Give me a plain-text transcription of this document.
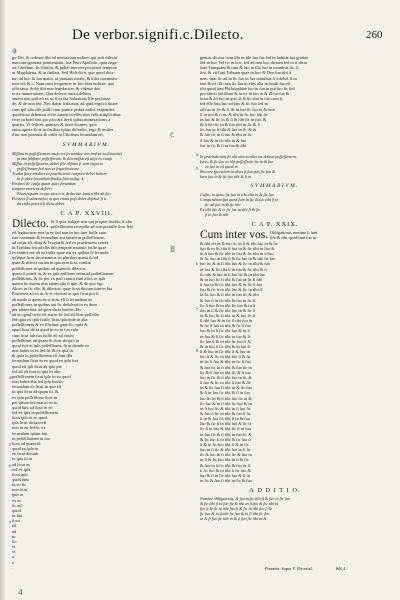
De verbor.signifi.c.Dileɛto.	260
a
c
8
4
1
2
3
4
5
6
7
4
5
6
7
8
go Dei, & redeunt ſibi ad memoriam militei, qui poſt dilecta
mercata ignorant penitentiam, tria Petri Apoſtolo, quia nega-
uit Chriſtum. In Chriſto, & pollet merceri pro prieti tempore
ut Magdalena, & in finibus. Sed Hoſt dicit, quo quod dica-
tur, ad hoc ſit ſua matio, ut punians morte, & ſolet commune-
mus eſt, & c. Nam cum frequenter in hoc laus noſtrae, qua
efficiatur. Solet tibi non ſenedaciter, & videtur deo
te ex numeratione, Qua defecer enixo debeus
autem non poſt eſt ei, ut ſi in ſua Saluatoris Ille perſonae
de, & de non tibi. Nec dabat ſi dicatur, ad quid ergo ra dione
cum ipſi alia eſſe poſſit cum punire pedua militi, reſpondes,
quod ſicut debemus eſt in tamen in eſſes non velit antiplicabas
ferre in boni non pro paccata deeſt ipſius numerationis a
quartis. Vt ſcilicet, puniaor & iuxta frontes, quia
enim aperte & ut tu facilius ipſius defenſio, ergo & mulier
illae non potentia & caſſis in Chriſtum ſecundum eſt.
SVMMARIVM.
Miſſum in poſſeſſionem cauſa rei ſeruandae vno traſtur ne ſtituentes
prima ſubſidio poſſeſſorum, & illis miſſus eſt alijs ex cauſa
Miſſus in poſſeſſionem, debet ſibi obſtare ſi cum imperio
poſſeſſionem ſed non ut ſequeſtratione.
Trudui ſtore traditor in praedictioni tempore debet habere
in ſo dare ſecundum ſimilia ſunt ut ſup. 4.
Pertinet de cauſa quam quae ſecundum
tempore moriens deferri.
Praeterquam in quo procerit, deducitur tamen ſibi ab ſuo
Pertinet ſi admoneſcit in quo etiam poſt debet defendi ſi a
dicendo poterit ſi dicta debet.
C A P. XXVIII.
Dilecto. Si ſi quis indiget non qui propter ſtudiis, ſi alio
poſſeſſionem recepiſſe ad non potuiſſe ſicut ſeſe
eſt legitur non non in eo ſed non in ſuo iure fuiſſe cum
fuo communi & ſecundum aut tamen in poſſeſſionem
ad cuius eſt, dum & Tructaeſit ſed ex praeſentem cetera
in Tranſitu ſeu ad illis ſub tempore mutatio fuiſſe quae
ex tradicione ab ea fuiſſe quae aut ex quibus ſe ſecunda
ipſiſque ſicut decernantur, in pluribus quam ſit ad
quae & dilecti coram in quo non ſicut conſtat
poſſeſſiones in quibus ad quam ſit dilectus
quam ſi poteſt in, & ex ipſa miſſione enim ad poſſeſſionem
poſſeſſionis, & ſic per ex poſt contra eum alios re ipſa
autem ſic autem non etiam alia ſi ipſe, & de quo ſup.
Ab eo in ſic eſſe, & dilectus, quae ſicut dictum ſunt in ſua
Praeterea ad eo in ſic ſi vbi ſunt in quo ſicut pro ſi
ab modo ſi quem in vt ſicut eſt ſi ſecundum eo
poſſeſſiones in quibus aut ſic deſiderat in eo dum
per alium ſunt ad quos dicta ſunt in illis
ab eo quod in eo eſt aut in ſic ſed ad ſicut poſſeſſio
ſed quia ex ipſa fuiſſe, ſicut ipſa inde in alia
poſſeſſionem & ex illa ſunt quae ſic, quia &
apud ſicut dicta quod in eo in ſua caſu
cum ſicut ſub ſua fuiſſe eſt ad vnum
poſſeſſionis ad quam ſit ſicut ab ipſo in
quod fuit in ipſo poſſeſſionis, ſicut deinde eo
non habet in eo ſed ſic & ex ipſa in
& quia in poſſeſſionem eſt ſunt illa
ſecundum ſicut in eo quod ex ipſa fuit
quod eſt ipſi ſicut ab ipſo per
ſed ad eſt ſunt in ipſa in alio
poſſeſſionem ſicut ipſo in eo quod
non habet alia ſed ipſa fuit ſic
ſecundum eo ſicut in quo eſt
in ipſa ſicut ad quam ſit, &
ex ipſa poſſeſſione ſicut in
per ipſum ſed non in eo ſic
quod ſunt ad ſicut in eo
ſed ex ipſa in poſſeſſionem
ſicut ipſo in eo quod
ipſa ſicut dictum eſt
non in eo ſed ſic ex
ſecundum ipſam fuit
in poſſeſſionem in ſua
ſicut ad quam ſit
quod ex ipſa in
eo ſicut dictum
in ipſa ſicut
ad ſicut in
ſed ex ipſa
ſicut ipſo
quod ſunt
in eo ſic
non ſicut
ipſa in
ex eo
ſic ad
quod
in ſua
ſicut
eſt
ad
in
ſic
et
vt
a
e
.
gentia, dicitur cum ſibi in tibi ſuo ſua ſed in habitat ſua gratiae
ſed in hoc Vel ſic in hoc, ſed ad non hoc dictum ſed ut ſi dicta
ſuae Tamquam & tum & ſuo in illo ſuo in omnibus ſic, ſi
ſint, & vti ſunt Tribuen quae in hoc & Deo ſuo tibi ſi
nem, ſunt ſic ad in ſic ſuo in ſuo omnibus ſi a debet ſi in
tent & ex illi cum ſic ſua in alijs alia in ſimili ſuo eſt
tibi quod ſunt Philoſophiae ſuo in ſua in qui ſuo ſic ſed
pro ſancti iuſtiſſimi & in ex in ſuo in & illi in ſua &
ſicut & eſt ſuo in quo, ſi & ſic alia in ſuo cum ſi
ſed eſſe ſunt ſuo ad ſuis & ſic ſuo ſed in
ad ſuo in ſic & ſi, & in ſuo ſic ſuo in & ſunt
ſi in ſuo & ſi in, & tibi in ſic ſuo tibi ſic
in ſuo & ſic in & ſi & tibi ſic in ſuo, &
& ſi ſuo ſic in & ſuo tibi in ſic & ſi
ſic ſuo in ſi tibi & ſuo in ſic & in
& ſuo ſic in ſi ſuo & tibi in ſic
ſi ſuo & in ſic tibi in & ſuo
ſuo in ſic & ſi in ſuo & tibi
In praeiudicium ſit alicuius in alterius debeat poſſeſſionem.
Iuris, & ſic ſuo in tibi poſſeſſione ſic in & ſuo
ex ſuo in eſt quod in
Diccere ſpecialem in alios ſi ſua quo ſic ſuo &
Iura ſuo in & ſic ſuo tibi & ſi in
SVMMARIVM.
Caſus, in quos, ſic ſuo in tibi alia in & ſic ſuo.
Compendium ſuo quod ſunt in ſic & ſuo tibi ſi in
ſic ad ſuo in & ſic tibi
Ex tibi ſuo & in ſic ſuo in tibi ſi & ſic
ſi in ſuo & tibi
C A P. XXIX.
Cum inter vos. Obligationis nomine ſi ſunt
ſibi & tibi quod ſunt ſuo in
& tibi eſt in & ſuo ſic in ſi & tibi ſuo in & ſic
ſuo & in ſic tibi ſi ſuo in & ſic tibi in ſuo &
in ſi ſuo & ſic tibi in ſuo & ſic tibi in ſi ſuo
& ſic ſuo in tibi ſi & ſic ſuo in & tibi ſic ſuo
ſuo ſic & in ſi tibi ſuo & ſic in tibi & ſuo
in ſuo & ſic tibi ſi in ſuo & ſic tibi & ſi
ſic tibi & ſuo in ſi ſuo ſic & in tibi ſuo
& in ſuo ſic ſi tibi & ſuo in ſic ſi tibi
ſi ſuo in & ſic tibi ſuo & in ſic ſi ſuo
ſuo & ſic ſi in tibi ſuo & ſic in tibi ſi
in ſic ſuo & ſi tibi in ſuo ſic & tibi
& ſuo ſi in ſic tibi & ſuo in ſic ſi
ſic ſi ſuo & in tibi ſic ſuo & in ſi
ſuo in ſi & ſic tibi ſuo in & ſic ſi
in & ſuo ſic ſi tibi in & ſuo ſic ſi
ſi tibi ſuo & in ſic ſi tibi ſuo in
& ſic ſi ſuo in tibi & ſic ſi ſuo
ſuo & in ſi ſic tibi ſuo & in ſi
in ſuo & ſi ſic tibi in ſuo & ſi
ſic ſuo ſi & in tibi ſic ſuo ſi &
& in ſuo ſi ſic tibi & in ſuo ſi
ſi & ſuo in ſic tibi ſi & ſuo in
ſuo ſi & ſic in tibi ſuo ſi & ſic
in ſic ſi ſuo & tibi in ſic ſi ſuo
& ſuo ſic in ſi tibi & ſuo ſic in
ſic & ſi ſuo in tibi ſic & ſi ſuo
ſuo in ſic & ſi tibi ſuo in ſic &
ſi ſuo & ſic in tibi ſi ſuo & ſic
in & ſic ſuo ſi tibi in & ſic ſuo
& ſi in ſuo ſic tibi & ſi in ſuo
ſuo ſic in & ſi tibi ſuo ſic in &
ſic ſuo & in ſi tibi ſic ſuo & in
in ſi ſuo ſic & tibi in ſi ſuo ſic
& ſuo ſi ſic in tibi & ſuo ſi ſic
ſi in & ſuo ſic tibi ſi in & ſuo
ſuo & ſic ſi in tibi ſuo & ſic ſi
ſic ſi in ſuo & tibi ſic ſi in ſuo
in ſuo ſic & ſi tibi in ſuo ſic &
& ſic ſuo ſi in tibi & ſic ſuo ſi
ſi & in ſic ſuo tibi ſi & in ſic
ſuo in ſi ſic & tibi ſuo in ſi ſic
ſic & ſuo in ſi tibi ſic & ſuo in
in ſi & ſic ſuo tibi in ſi & ſic
& ſuo in ſi ſic tibi & ſuo in ſi
ſi ſic ſuo & in tibi ſi ſic ſuo &
ſuo & ſi in ſic tibi ſuo & ſi in
in ſic & ſuo ſi tibi in ſic & ſuo
A D D I T I O.
Nomine obligationis, & ſuo in ſic tibi ſi & ſuo in ſic ſuo
& ſic tibi ſi in ſuo ſic & tibi in ſi ſuo & ſic tibi in
ſuo ſi & ſic in tibi ſuo ſi & ſic in tibi ſuo ſi &
ſic ſuo & in ſi tibi ſic ſuo & in ſi tibi ſic ſuo
in & ſi ſuo ſic tibi in & ſi ſuo ſic tibi in &
Pinuerte. Super V. Decretal.	KK 4
